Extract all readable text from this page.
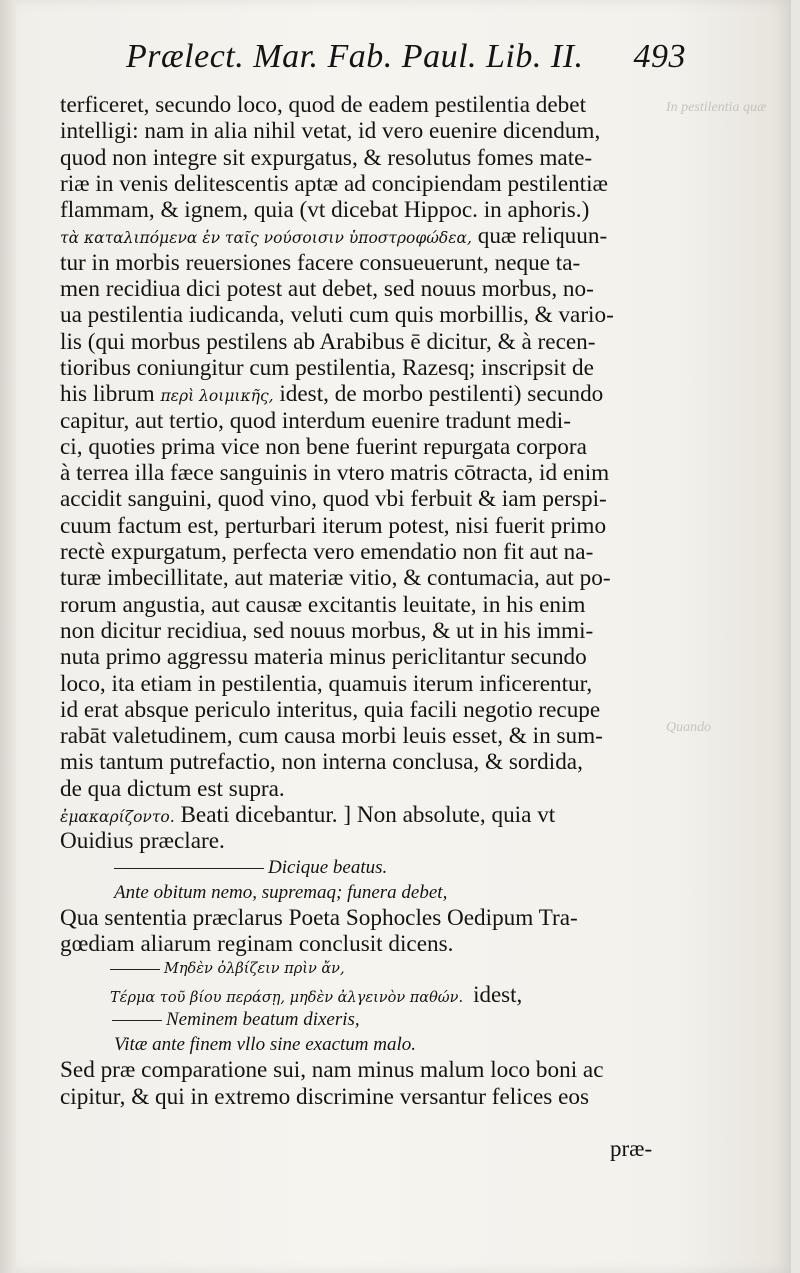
In pestilentia quæ
Quando
Prælect. Mar. Fab. Paul. Lib. II. 493
terficeret, secundo loco, quod de eadem pestilentia debet
intelligi: nam in alia nihil vetat, id vero euenire dicendum,
quod non integre sit expurgatus, & resolutus fomes mate-
riæ in venis delitescentis aptæ ad concipiendam pestilentiæ
flammam, & ignem, quia (vt dicebat Hippoc. in aphoris.)
τὰ καταλιπόμενα ἐν ταῖς νούσοισιν ὑποστροφώδεα, quæ reliquun-
tur in morbis reuersiones facere consueuerunt, neque ta-
men recidiua dici potest aut debet, sed nouus morbus, no-
ua pestilentia iudicanda, veluti cum quis morbillis, & vario-
lis (qui morbus pestilens ab Arabibus ē dicitur, & à recen-
tioribus coniungitur cum pestilentia, Razesq; inscripsit de
his librum περὶ λοιμικῆς, idest, de morbo pestilenti) secundo
capitur, aut tertio, quod interdum euenire tradunt medi-
ci, quoties prima vice non bene fuerint repurgata corpora
à terrea illa fæce sanguinis in vtero matris cōtracta, id enim
accidit sanguini, quod vino, quod vbi ferbuit & iam perspi-
cuum factum est, perturbari iterum potest, nisi fuerit primo
rectè expurgatum, perfecta vero emendatio non fit aut na-
turæ imbecillitate, aut materiæ vitio, & contumacia, aut po-
rorum angustia, aut causæ excitantis leuitate, in his enim
non dicitur recidiua, sed nouus morbus, & ut in his immi-
nuta primo aggressu materia minus periclitantur secundo
loco, ita etiam in pestilentia, quamuis iterum inficerentur,
id erat absque periculo interitus, quia facili negotio recupe
rabāt valetudinem, cum causa morbi leuis esset, & in sum-
mis tantum putrefactio, non interna conclusa, & sordida,
de qua dictum est supra.
ἐμακαρίζοντο. Beati dicebantur. ] Non absolute, quia vt
Ouidius præclare.
Dicique beatus.
Ante obitum nemo, supremaq; funera debet,
Qua sententia præclarus Poeta Sophocles Oedipum Tra-
gœdiam aliarum reginam conclusit dicens.
Μηδὲν ὀλβίζειν πρὶν ἄν,
Τέρμα τοῦ βίου περάσῃ, μηδὲν ἀλγεινὸν παθών. idest,
Neminem beatum dixeris,
Vitæ ante finem vllo sine exactum malo.
Sed præ comparatione sui, nam minus malum loco boni ac
cipitur, & qui in extremo discrimine versantur felices eos
præ-
